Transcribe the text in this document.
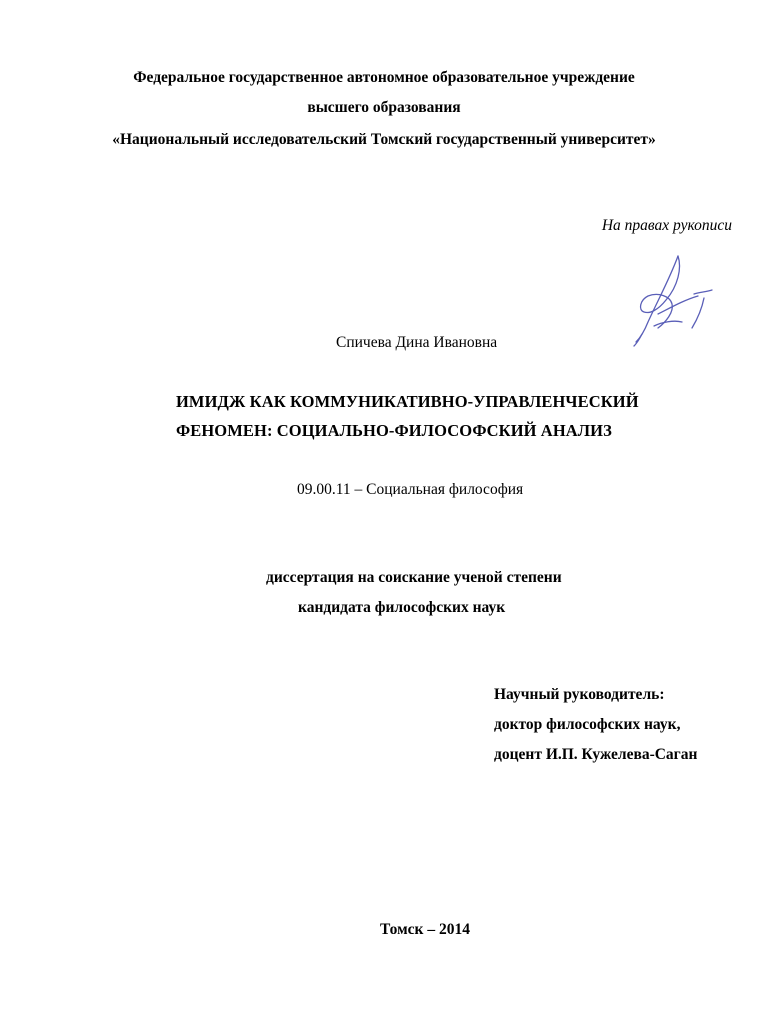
Федеральное государственное автономное образовательное учреждение
высшего образования
«Национальный исследовательский Томский государственный университет»
На правах рукописи
Спичева Дина Ивановна
ИМИДЖ КАК КОММУНИКАТИВНО-УПРАВЛЕНЧЕСКИЙ
ФЕНОМЕН: СОЦИАЛЬНО-ФИЛОСОФСКИЙ АНАЛИЗ
09.00.11 – Социальная философия
диссертация на соискание ученой степени
кандидата философских наук
Научный руководитель:
доктор философских наук,
доцент И.П. Кужелева-Саган
Томск – 2014
